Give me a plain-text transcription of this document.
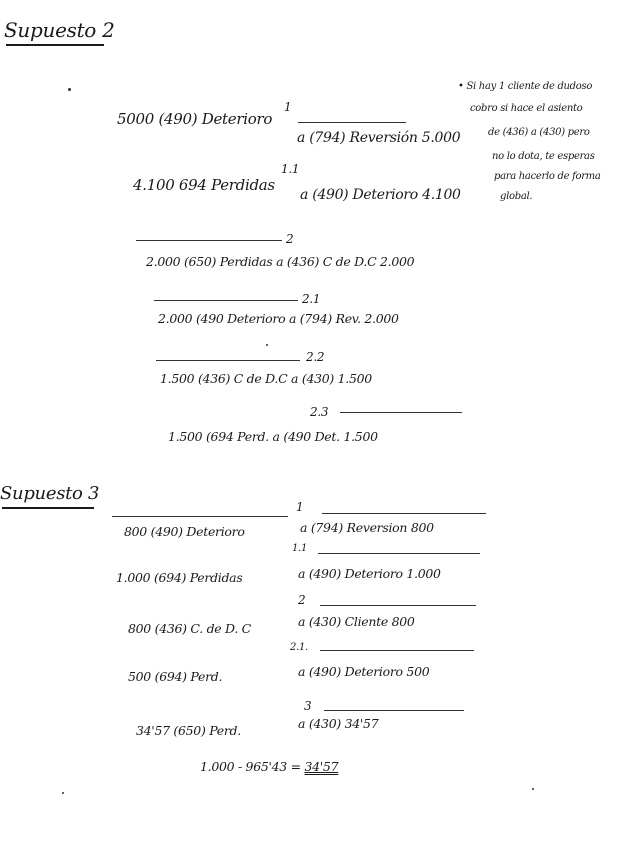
Supuesto 2
1
5000 (490) Deterioro
a (794) Reversión 5.000
1.1
4.100 694 Perdidas
a (490) Deterioro 4.100
• Si hay 1 cliente de dudoso
cobro si hace el asiento
de (436) a (430) pero
no lo dota, te esperas
para hacerlo de forma
global.
2
2.000 (650) Perdidas a (436) C de D.C 2.000
2.1
2.000 (490 Deterioro a (794) Rev. 2.000
2.2
1.500 (436) C de D.C a (430) 1.500
2.3
1.500 (694 Perd. a (490 Det. 1.500
Supuesto 3
1
800 (490) Deterioro	a (794) Reversion 800
1.1
1.000 (694) Perdidas	a (490) Deterioro 1.000
2
800 (436) C. de D. C	a (430) Cliente 800
2.1.
500 (694) Perd.	a (490) Deterioro 500
3
34'57 (650) Perd.	a (430) 34'57
1.000 - 965'43 = 34'57
